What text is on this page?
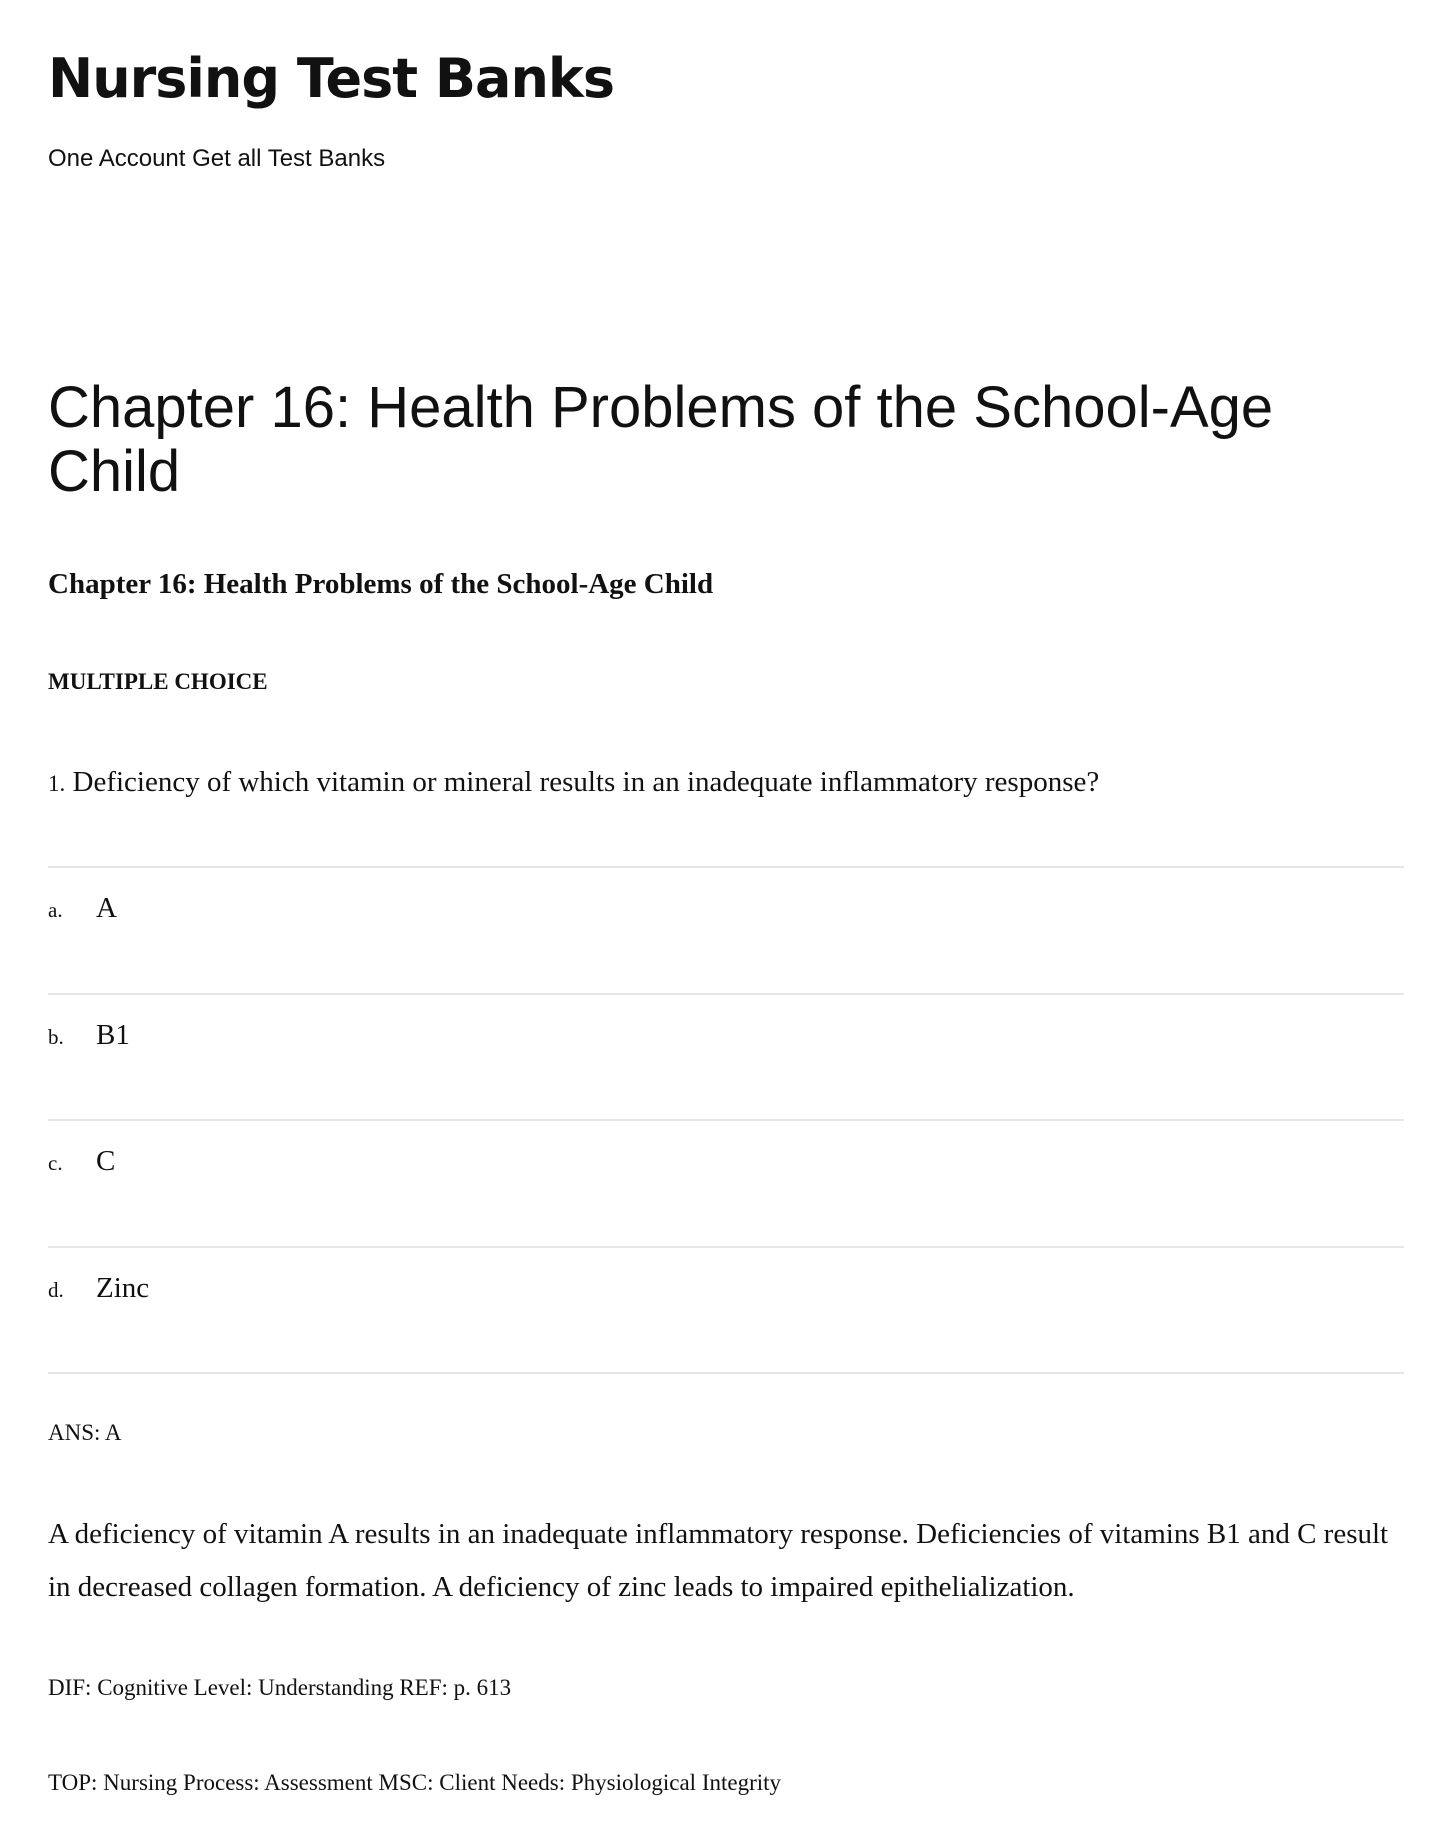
Nursing Test Banks

One Account Get all Test Banks

Chapter 16: Health Problems of the School-Age Child
Chapter 16: Health Problems of the School-Age Child

MULTIPLE CHOICE

1. Deficiency of which vitamin or mineral results in an inadequate inflammatory response?

a. A

b. B1

c. C

d. Zinc

ANS: A

A deficiency of vitamin A results in an inadequate inflammatory response. Deficiencies of vitamins B1 and C result in decreased collagen formation. A deficiency of zinc leads to impaired epithelialization.

DIF: Cognitive Level: Understanding REF: p. 613

TOP: Nursing Process: Assessment MSC: Client Needs: Physiological Integrity
